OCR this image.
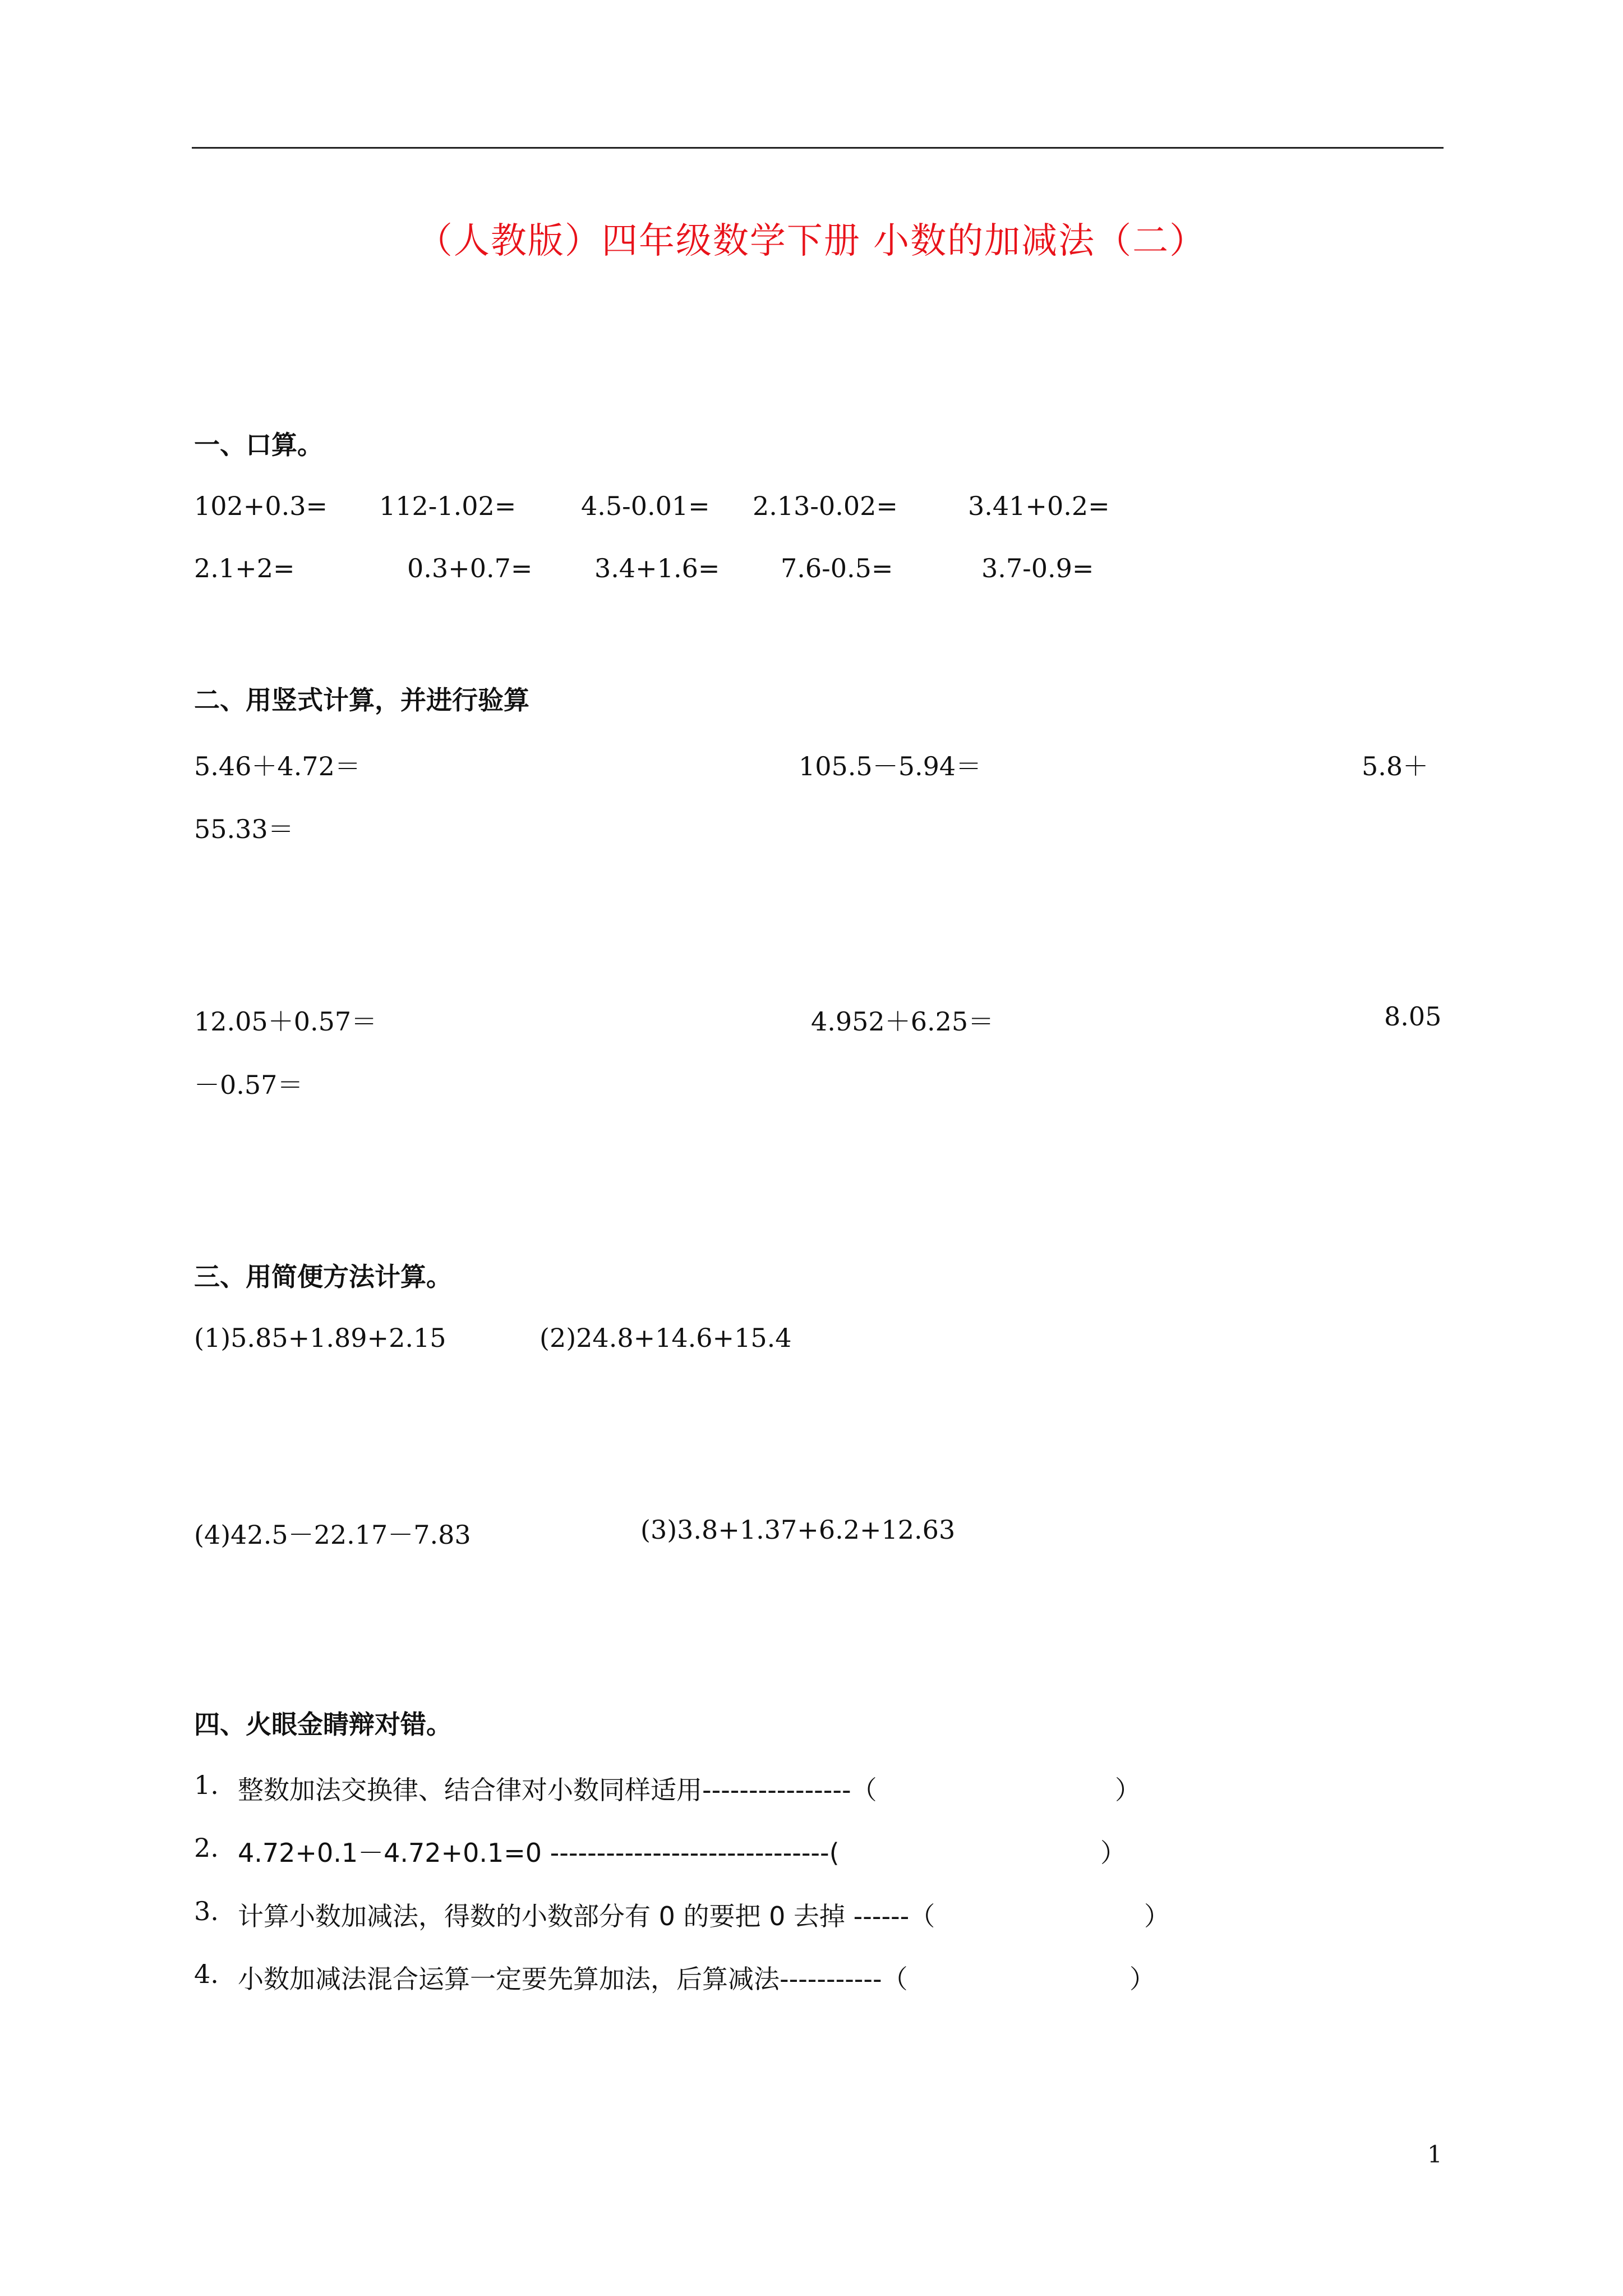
（人教版）四年级数学下册 小数的加减法（二）
一、口算。
102+0.3= 112-1.02=	4.5-0.01= 2.13-0.02=	3.41+0.2=
2.1+2=	0.3+0.7= 3.4+1.6= 7.6-0.5=	3.7-0.9=
二、用竖式计算，并进行验算
5.46＋4.72＝	105.5－5.94＝	5.8＋
55.33＝
12.05＋0.57＝	4.952＋6.25＝	8.05
－0.57＝
三、用简便方法计算。
(1)5.85+1.89+2.15	(2)24.8+14.6+15.4
(4)42.5－22.17－7.83	(3)3.8+1.37+6.2+12.63
四、火眼金睛辩对错。
1. 整数加法交换律、结合律对小数同样适用----------------（	）
2. 4.72+0.1－4.72+0.1=0 ------------------------------(	）
3. 计算小数加减法，得数的小数部分有 0 的要把 0 去掉 ------（	）
4. 小数加减法混合运算一定要先算加法，后算减法-----------（	）
1
